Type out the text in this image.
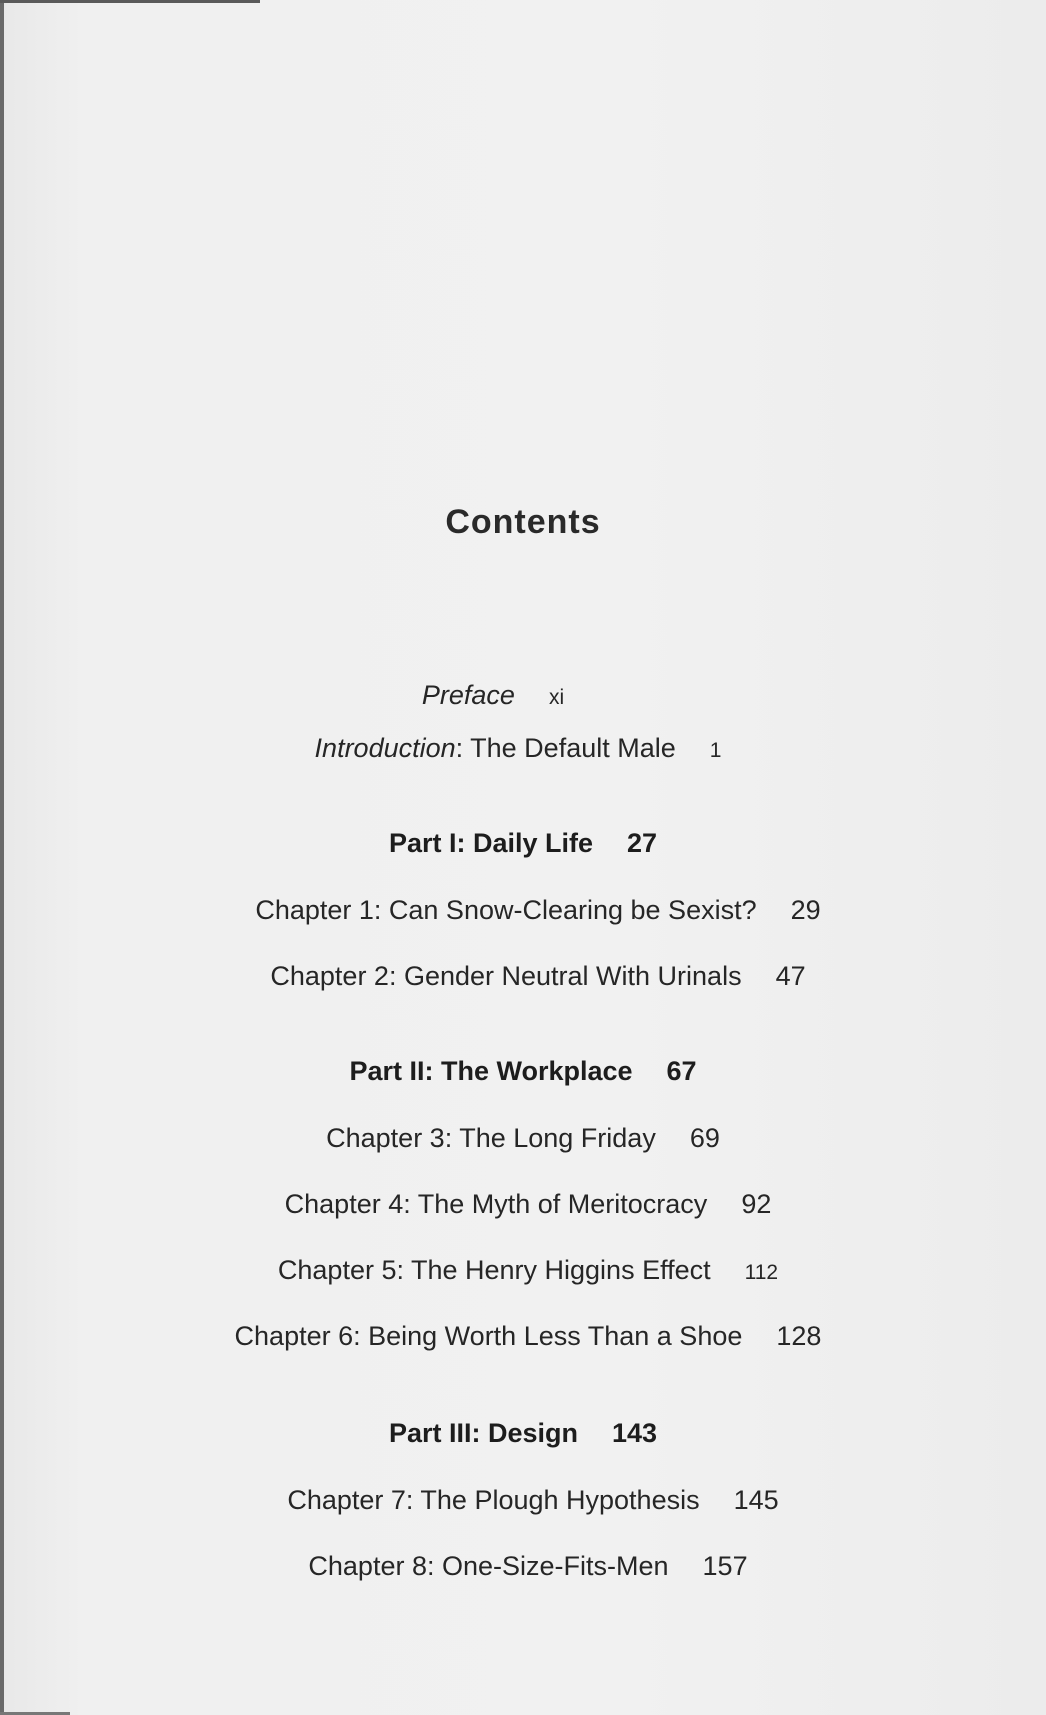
Contents
Preface xi
Introduction: The Default Male 1
Part I: Daily Life 27
Chapter 1: Can Snow-Clearing be Sexist? 29
Chapter 2: Gender Neutral With Urinals 47
Part II: The Workplace 67
Chapter 3: The Long Friday 69
Chapter 4: The Myth of Meritocracy 92
Chapter 5: The Henry Higgins Effect 112
Chapter 6: Being Worth Less Than a Shoe 128
Part III: Design 143
Chapter 7: The Plough Hypothesis 145
Chapter 8: One-Size-Fits-Men 157
